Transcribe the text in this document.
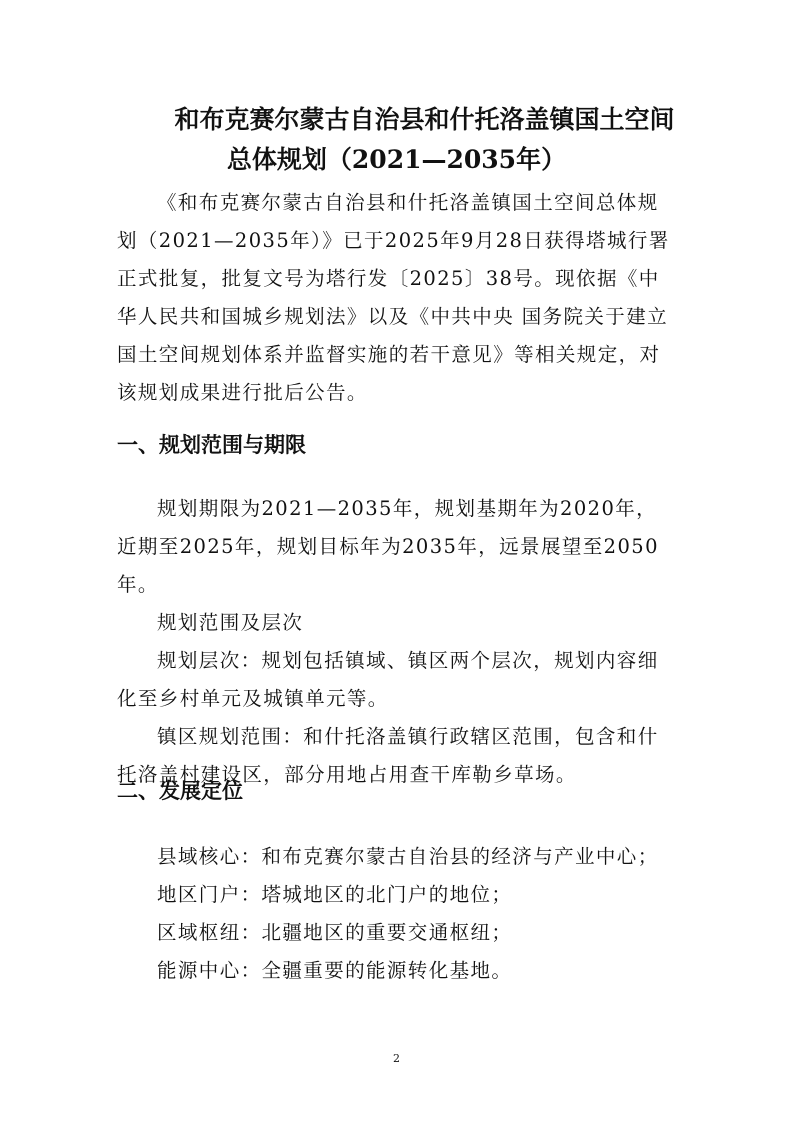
和布克赛尔蒙古自治县和什托洛盖镇国土空间
总体规划（2021—2035年）

《和布克赛尔蒙古自治县和什托洛盖镇国土空间总体规划（2021—2035年）》已于2025年9月28日获得塔城行署正式批复，批复文号为塔行发〔2025〕38号。现依据《中华人民共和国城乡规划法》以及《中共中央 国务院关于建立国土空间规划体系并监督实施的若干意见》等相关规定，对该规划成果进行批后公告。

一、规划范围与期限

规划期限为2021—2035年，规划基期年为2020年，近期至2025年，规划目标年为2035年，远景展望至2050年。

规划范围及层次

规划层次：规划包括镇域、镇区两个层次，规划内容细化至乡村单元及城镇单元等。

镇区规划范围：和什托洛盖镇行政辖区范围，包含和什托洛盖村建设区，部分用地占用查干库勒乡草场。

二、发展定位
县域核心：和布克赛尔蒙古自治县的经济与产业中心；
地区门户：塔城地区的北门户的地位；
区域枢纽：北疆地区的重要交通枢纽；
能源中心：全疆重要的能源转化基地。
2
